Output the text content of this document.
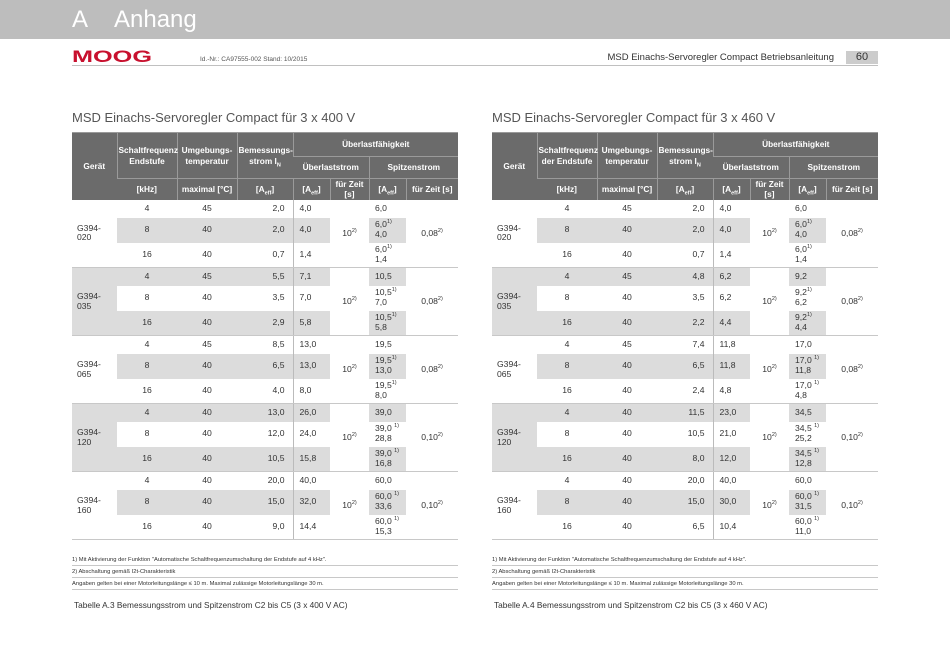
A Anhang
MOOG	Id.-Nr.: CA97555-002 Stand: 10/2015	MSD Einachs-Servoregler Compact Betriebsanleitung	60
MSD Einachs-Servoregler Compact für 3 x 400 V	MSD Einachs-Servoregler Compact für 3 x 460 V
Gerät	Schaltfrequenz Endstufe	Umgebungs-temperatur	Bemessungs-strom $I_N$	Überlastfähigkeit			
				Überlaststrom		Spitzenstrom	
	[kHz]	maximal [°C]	$[A_{eff}]$	$[A_{eff}]$	für Zeit [s]	$[A_{eff}]$	für Zeit [s]
G394-020	4	45	2,0	4,0	10$^{2)}$	6,0	0,08$^{2)}$
	8	40	2,0	4,0		6,0$^{1)}$
4,0	

	16	40	0,7	1,4		6,0$^{1)}$
1,4	

G394-035	4	45	5,5	7,1	10$^{2)}$	10,5	0,08$^{2)}$
	8	40	3,5	7,0		10,5$^{1)}$
7,0	

	16	40	2,9	5,8		10,5$^{1)}$
5,8	

G394-065	4	45	8,5	13,0	10$^{2)}$	19,5	0,08$^{2)}$
	8	40	6,5	13,0		19,5$^{1)}$
13,0	

	16	40	4,0	8,0		19,5$^{1)}$
8,0	

G394-120	4	40	13,0	26,0	10$^{2)}$	39,0	0,10$^{2)}$
	8	40	12,0	24,0		39,0 $^{1)}$
28,8	

	16	40	10,5	15,8		39,0 $^{1)}$
16,8	

G394-160	4	40	20,0	40,0	10$^{2)}$	60,0	0,10$^{2)}$
	8	40	15,0	32,0		60,0 $^{1)}$
33,6	

	16	40	9,0	14,4		60,0 $^{1)}$
15,3	
Gerät	Schaltfrequenz der Endstufe	Umgebungs-temperatur	Bemessungs-strom $I_N$	Überlastfähigkeit			
				Überlaststrom		Spitzenstrom	
	[kHz]	maximal [°C]	$[A_{eff}]$	$[A_{eff}]$	für Zeit [s]	$[A_{eff}]$	für Zeit [s]
G394-020	4	45	2,0	4,0	10$^{2)}$	6,0	0,08$^{2)}$
	8	40	2,0	4,0		6,0$^{1)}$
4,0	

	16	40	0,7	1,4		6,0$^{1)}$
1,4	

G394-035	4	45	4,8	6,2	10$^{2)}$	9,2	0,08$^{2)}$
	8	40	3,5	6,2		9,2$^{1)}$
6,2	

	16	40	2,2	4,4		9,2$^{1)}$
4,4	

G394-065	4	45	7,4	11,8	10$^{2)}$	17,0	0,08$^{2)}$
	8	40	6,5	11,8		17,0 $^{1)}$
11,8	

	16	40	2,4	4,8		17,0 $^{1)}$
4,8	

G394-120	4	40	11,5	23,0	10$^{2)}$	34,5	0,10$^{2)}$
	8	40	10,5	21,0		34,5 $^{1)}$
25,2	

	16	40	8,0	12,0		34,5 $^{1)}$
12,8	

G394-160	4	40	20,0	40,0	10$^{2)}$	60,0	0,10$^{2)}$
	8	40	15,0	30,0		60,0 $^{1)}$
31,5	

	16	40	6,5	10,4		60,0 $^{1)}$
11,0	
1) Mit Aktivierung der Funktion "Automatische Schaltfrequenzumschaltung der Endstufe auf 4 kHz".
2) Abschaltung gemäß I2t-Charakteristik
Angaben gelten bei einer Motorleitungslänge ≤ 10 m. Maximal zulässige Motorleitungslänge 30 m.
1) Mit Aktivierung der Funktion "Automatische Schaltfrequenzumschaltung der Endstufe auf 4 kHz".
2) Abschaltung gemäß I2t-Charakteristik
Angaben gelten bei einer Motorleitungslänge ≤ 10 m. Maximal zulässige Motorleitungslänge 30 m.
Tabelle A.3 Bemessungsstrom und Spitzenstrom C2 bis C5 (3 x 400 V AC)	Tabelle A.4 Bemessungsstrom und Spitzenstrom C2 bis C5 (3 x 460 V AC)
